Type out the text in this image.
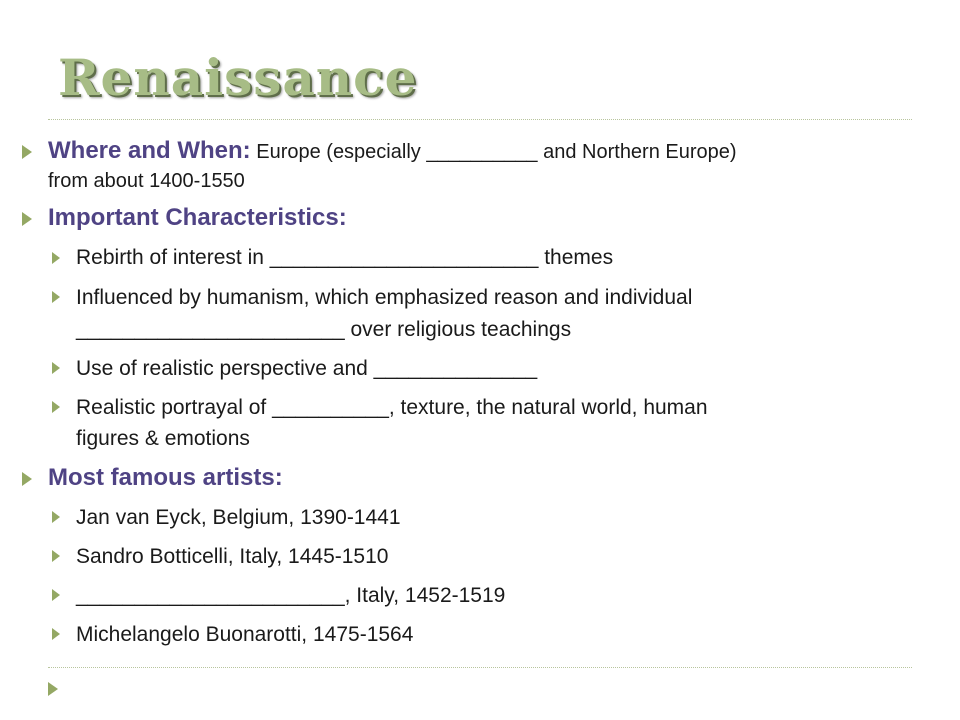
Renaissance
Where and When: Europe (especially __________ and Northern Europe)
from about 1400-1550
Important Characteristics:
Rebirth of interest in _______________________ themes
Influenced by humanism, which emphasized reason and individual
_______________________ over religious teachings
Use of realistic perspective and ______________
Realistic portrayal of __________, texture, the natural world, human
figures & emotions
Most famous artists:
Jan van Eyck, Belgium, 1390-1441
Sandro Botticelli, Italy, 1445-1510
_______________________, Italy, 1452-1519
Michelangelo Buonarotti, 1475-1564
